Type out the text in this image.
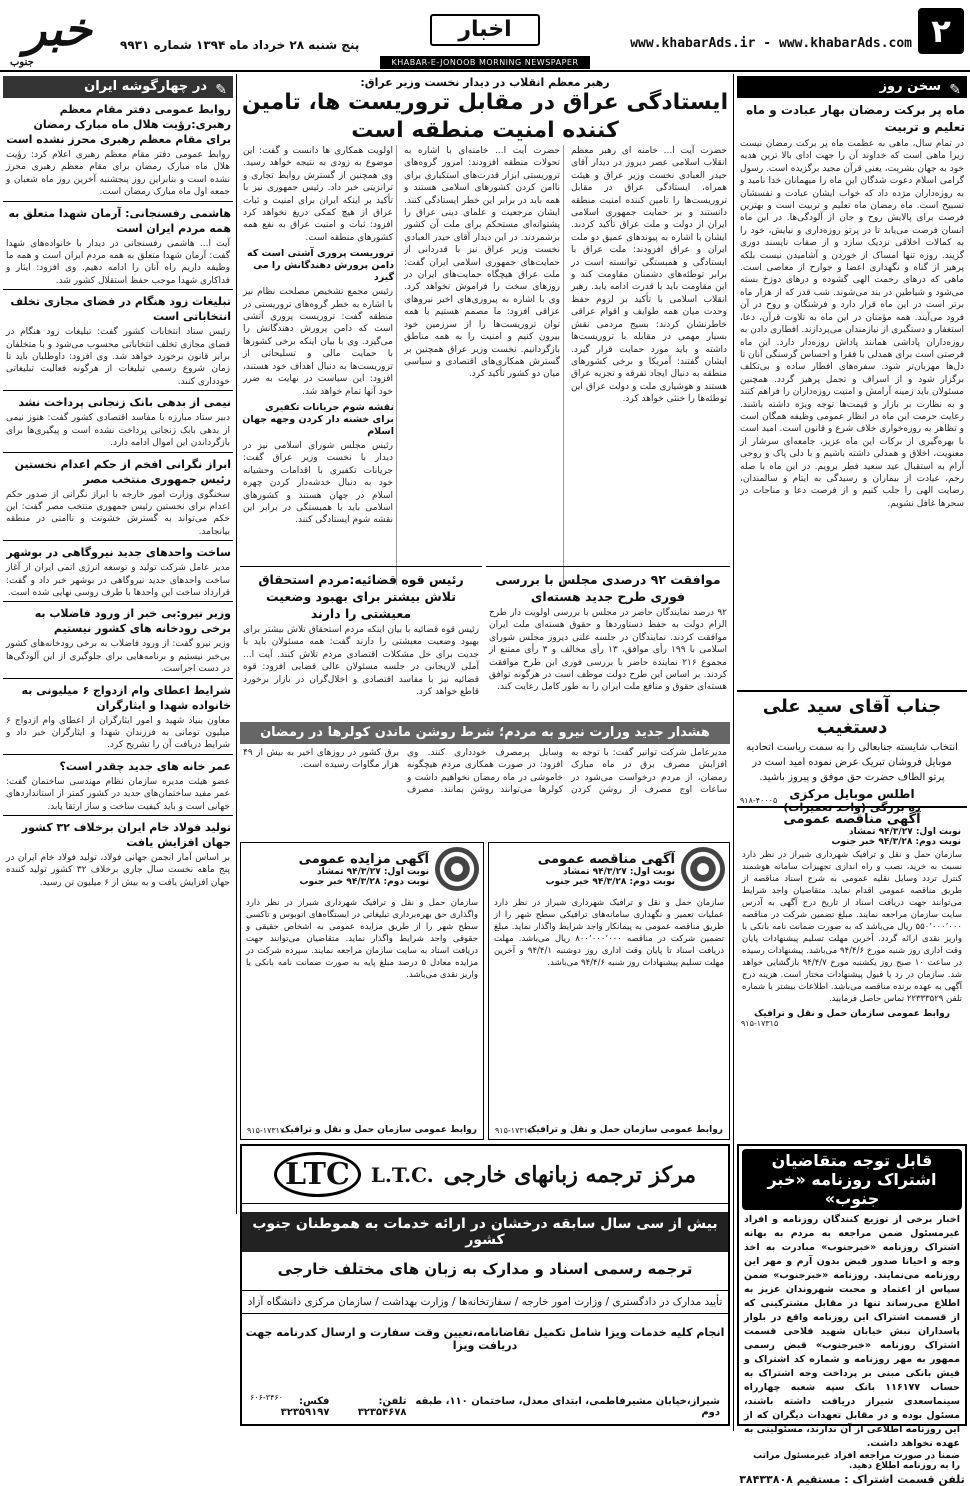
۲
www.khabarAds.ir - www.khabarAds.com
اخبار
خبر
جنوب
پنج شنبه ۲۸ خرداد ماه ۱۳۹۴ شماره ۹۹۳۱
KHABAR-E-JONOOB MORNING NEWSPAPER
✎
سخن روز
ماه پر برکت رمضان بهار عبادت و ماه تعلیم و تربیت
در تمام سال، ماهی به عظمت ماه پر برکت رمضان نیست زیرا ماهی است که خداوند آن را جهت ادای بالا ترین هدیه خود به جهان بشریت، یعنی قرآن مجید برگزیده است. رسول گرامی اسلام دعوت شدگان این ماه را میهمانان خدا نامید و به روزه‌داران مژده داد که خواب ایشان عبادت و نفسشان تسبیح است. ماه رمضان ماه تعلیم و تربیت است و بهترین فرصت برای پالایش روح و جان از آلودگی‌ها. در این ماه انسان فرصت می‌یابد تا در پرتو روزه‌داری و نیایش، خود را به کمالات اخلاقی نزدیک سازد و از صفات ناپسند دوری گزیند. روزه تنها امساک از خوردن و آشامیدن نیست بلکه پرهیز از گناه و نگهداری اعضا و جوارح از معاصی است. ماهی که درهای رحمت الهی گشوده و درهای دوزخ بسته می‌شود و شیاطین در بند می‌شوند. شب قدر که از هزار ماه برتر است در این ماه قرار دارد و فرشتگان و روح در آن فرود می‌آیند. همه مؤمنان در این ماه به تلاوت قرآن، دعا، استغفار و دستگیری از نیازمندان می‌پردازند. افطاری دادن به روزه‌داران پاداشی همانند پاداش روزه‌دار دارد. این ماه فرصتی است برای همدلی با فقرا و احساس گرسنگی آنان تا دل‌ها مهربان‌تر شود. سفره‌های افطار ساده و بی‌تکلف برگزار شود و از اسراف و تجمل پرهیز گردد. همچنین مسئولان باید زمینه آرامش و امنیت روزه‌داران را فراهم کنند و به نظارت بر بازار و قیمت‌ها توجه ویژه داشته باشند. رعایت حرمت این ماه در انظار عمومی وظیفه همگان است و تظاهر به روزه‌خواری خلاف شرع و قانون است. امید است با بهره‌گیری از برکات این ماه عزیز، جامعه‌ای سرشار از معنویت، اخلاق و همدلی داشته باشیم و با دلی پاک و روحی آرام به استقبال عید سعید فطر برویم. در این ماه با صله رحم، عیادت از بیماران و رسیدگی به ایتام و سالمندان، رضایت الهی را جلب کنیم و از فرصت دعا و مناجات در سحرها غافل نشویم.
جناب آقای سید علی دستغیب
انتخاب شایسته جنابعالی را به سمت ریاست اتحادیه موبایل فروشان تبریک عرض نموده امید است در پرتو الطاف حضرت حق موفق و پیروز باشید.
اطلس موبایل مرکزی
ده بزرگی (واحد تعمیرات)
۹۱۸-۴۰۰۰۵
آگهی مناقصه عمومی
نوبت اول: ۹۴/۳/۲۷ تمشاد
نوبت دوم: ۹۴/۳/۲۸ خبر جنوب
سازمان حمل و نقل و ترافیک شهرداری شیراز در نظر دارد نسبت به خرید، نصب و راه اندازی تجهیزات سامانه هوشمند کنترل تردد وسایل نقلیه عمومی به شرح اسناد مناقصه از طریق مناقصه عمومی اقدام نماید. متقاضیان واجد شرایط می‌توانند جهت دریافت اسناد از تاریخ درج آگهی به آدرس سایت سازمان مراجعه نمایند. مبلغ تضمین شرکت در مناقصه ۵۵۰٬۰۰۰٬۰۰۰ ریال می‌باشد که به صورت ضمانت نامه بانکی یا واریز نقدی ارائه گردد. آخرین مهلت تسلیم پیشنهادات پایان وقت اداری روز شنبه مورخ ۹۴/۴/۶ می‌باشد. پیشنهادات رسیده در ساعت ۱۰ صبح روز یکشنبه مورخ ۹۴/۴/۷ بازگشایی خواهد شد. سازمان در رد یا قبول پیشنهادات مختار است. هزینه درج آگهی به عهده برنده مناقصه می‌باشد. اطلاعات بیشتر با شماره تلفن ۲۲۳۳۳۵۲۹ تماس حاصل فرمایید.
روابط عمومی سازمان حمل و نقل و ترافیک
۹۱۵-۱۷۳۱۵
قابل توجه متقاضیان
اشتراک روزنامه «خبر جنوب»
اخبار برخی از توزیع کنندگان روزنامه و افراد غیرمسئول ضمن مراجعه به مردم به بهانه اشتراک روزنامه «خبرجنوب» مبادرت به اخذ وجه و احیانا صدور قبض بدون آرم و مهر این روزنامه می‌نمایند. روزنامه «خبرجنوب» ضمن سپاس از اعتماد و محبت شهروندان عزیز به اطلاع می‌رساند تنها در مقابل مشترکینی که از قسمت اشتراک این روزنامه واقع در بلوار پاسداران نبش خیابان شهید فلاحی قسمت اشتراک روزنامه «خبرجنوب» قبض رسمی ممهور به مهر روزنامه و شماره کد اشتراک و فیش بانکی مبنی بر پرداخت وجه اشتراک به حساب ۱۱۶۱۷۷ بانک سپه شعبه چهارراه سینماسعدی شیراز دریافت داشته باشند، مسئول بوده و در مقابل تعهدات دیگران که از این روزنامه اطلاعی از آن ندارند، مسئولیتی به عهده نخواهد داشت.
ضمنا در صورت مراجعه افراد غیرمسئول مراتب را به روزنامه اطلاع دهید.
تلفن قسمت اشتراک : مستقیم ۳۸۴۳۳۸۰۸
رهبر معظم انقلاب در دیدار نخست وزیر عراق:
ایستادگی عراق در مقابل تروریست ها، تامین کننده امنیت منطقه است
حضرت آیت ا... خامنه ای رهبر معظم انقلاب اسلامی عصر دیروز در دیدار آقای حیدر العبادی نخست وزیر عراق و هیئت همراه، ایستادگی عراق در مقابل تروریست‌ها را تامین کننده امنیت منطقه دانستند و بر حمایت جمهوری اسلامی ایران از دولت و ملت عراق تأکید کردند. ایشان با اشاره به پیوندهای عمیق دو ملت ایران و عراق افزودند: ملت عراق با ایستادگی و همبستگی توانسته است در برابر توطئه‌های دشمنان مقاومت کند و این مقاومت باید با قدرت ادامه یابد. رهبر انقلاب اسلامی با تأکید بر لزوم حفظ وحدت میان همه طوایف و اقوام عراقی خاطرنشان کردند: بسیج مردمی نقش بسیار مهمی در مقابله با تروریست‌ها داشته و باید مورد حمایت قرار گیرد. ایشان گفتند: آمریکا و برخی کشورهای منطقه به دنبال ایجاد تفرقه و تجزیه عراق هستند و هوشیاری ملت و دولت عراق این توطئه‌ها را خنثی خواهد کرد.
حضرت آیت ا... خامنه‌ای با اشاره به تحولات منطقه افزودند: امروز گروه‌های تروریستی ابزار قدرت‌های استکباری برای ناامن کردن کشورهای اسلامی هستند و همه باید در برابر این خطر ایستادگی کنند. ایشان مرجعیت و علمای دینی عراق را پشتوانه‌ای مستحکم برای ملت آن کشور برشمردند. در این دیدار آقای حیدر العبادی نخست وزیر عراق نیز با قدردانی از حمایت‌های جمهوری اسلامی ایران گفت: ملت عراق هیچگاه حمایت‌های ایران در روزهای سخت را فراموش نخواهد کرد. وی با اشاره به پیروزی‌های اخیر نیروهای عراقی افزود: ما مصمم هستیم با همه توان تروریست‌ها را از سرزمین خود بیرون کنیم و امنیت را به همه مناطق بازگردانیم. نخست وزیر عراق همچنین بر گسترش همکاری‌های اقتصادی و سیاسی میان دو کشور تأکید کرد.
اولویت همکاری ها دانست و گفت: این موضوع به زودی به نتیجه خواهد رسید. وی همچنین از گسترش روابط تجاری و ترانزیتی خبر داد. رئیس جمهوری نیز با تأکید بر اینکه ایران برای امنیت و ثبات عراق از هیچ کمکی دریغ نخواهد کرد افزود: ثبات و امنیت عراق به نفع همه کشورهای منطقه است.
تروریست پروری آشتی است که دامن پرورش دهندگانش را می گیرد
رئیس مجمع تشخیص مصلحت نظام نیز با اشاره به خطر گروه‌های تروریستی در منطقه گفت: تروریست پروری آتشی است که دامن پرورش دهندگانش را می‌گیرد. وی با بیان اینکه برخی کشورها با حمایت مالی و تسلیحاتی از تروریست‌ها به دنبال اهداف خود هستند، افزود: این سیاست در نهایت به ضرر خود آنها تمام خواهد شد.
نقشه شوم جریانات تکفیری برای خشنه دار کردن وجهه جهان اسلام
رئیس مجلس شورای اسلامی نیز در دیدار با نخست وزیر عراق گفت: جریانات تکفیری با اقدامات وحشیانه خود به دنبال خدشه‌دار کردن چهره اسلام در جهان هستند و کشورهای اسلامی باید با همبستگی در برابر این نقشه شوم ایستادگی کنند.
موافقت ۹۲ درصدی مجلس با بررسی فوری طرح جدید هسته‌ای
۹۲ درصد نمایندگان حاضر در مجلس با بررسی اولویت دار طرح الزام دولت به حفظ دستاوردها و حقوق هسته‌ای ملت ایران موافقت کردند. نمایندگان در جلسه علنی دیروز مجلس شورای اسلامی با ۱۹۹ رأی موافق، ۱۳ رأی مخالف و ۳ رأی ممتنع از مجموع ۲۱۶ نماینده حاضر با بررسی فوری این طرح موافقت کردند. بر اساس این طرح دولت موظف است در هرگونه توافق هسته‌ای حقوق و منافع ملت ایران را به طور کامل رعایت کند.
رئیس قوه قضائیه:مردم استحقاق تلاش بیشتر برای بهبود وضعیت معیشتی را دارند
رئیس قوه قضائیه با بیان اینکه مردم استحقاق تلاش بیشتر برای بهبود وضعیت معیشتی را دارند گفت: همه مسئولان باید با جدیت برای حل مشکلات اقتصادی مردم تلاش کنند. آیت ا... آملی لاریجانی در جلسه مسئولان عالی قضایی افزود: قوه قضائیه نیز با مفاسد اقتصادی و اخلال‌گران در بازار برخورد قاطع خواهد کرد.
هشدار جدید وزارت نیرو به مردم؛ شرط روشن ماندن کولرها در رمضان
مدیرعامل شرکت توانیر گفت: با توجه به افزایش مصرف برق در ماه مبارک رمضان، از مردم درخواست می‌شود در ساعات اوج مصرف از روشن کردن وسایل پرمصرف خودداری کنند. وی افزود: در صورت همکاری مردم هیچگونه خاموشی در ماه رمضان نخواهیم داشت و کولرها می‌توانند روشن بمانند. مصرف برق کشور در روزهای اخیر به بیش از ۴۹ هزار مگاوات رسیده است.
آگهی مناقصه عمومی
نوبت اول: ۹۴/۳/۲۷ تمشاد
نوبت دوم: ۹۴/۳/۲۸ خبر جنوب
سازمان حمل و نقل و ترافیک شهرداری شیراز در نظر دارد عملیات تعمیر و نگهداری سامانه‌های ترافیکی سطح شهر را از طریق مناقصه عمومی به پیمانکار واجد شرایط واگذار نماید. مبلغ تضمین شرکت در مناقصه ۸۰۰٬۰۰۰٬۰۰۰ ریال می‌باشد. مهلت دریافت اسناد تا پایان وقت اداری روز دوشنبه ۹۴/۴/۱ و آخرین مهلت تسلیم پیشنهادات روز شنبه ۹۴/۴/۶ می‌باشد.
روابط عمومی سازمان حمل و نقل و ترافیک
۹۱۵-۱۷۳۱۶
آگهی مزایده عمومی
نوبت اول: ۹۴/۳/۲۷ تمشاد
نوبت دوم: ۹۴/۳/۲۸ خبر جنوب
سازمان حمل و نقل و ترافیک شهرداری شیراز در نظر دارد واگذاری حق بهره‌برداری تبلیغاتی در ایستگاه‌های اتوبوس و تاکسی سطح شهر را از طریق مزایده عمومی به اشخاص حقیقی و حقوقی واجد شرایط واگذار نماید. متقاضیان می‌توانند جهت دریافت اسناد به سایت سازمان مراجعه نمایند. سپرده شرکت در مزایده معادل ۵ درصد مبلغ پایه به صورت ضمانت نامه بانکی یا واریز نقدی می‌باشد.
روابط عمومی سازمان حمل و نقل و ترافیک
۹۱۵-۱۷۳۱۷
✎
در چهارگوشه ایران
روابط عمومی دفتر مقام معظم رهبری:رؤیت هلال ماه مبارک رمضان برای مقام معظم رهبری محرز نشده است
روابط عمومی دفتر مقام معظم رهبری اعلام کرد: رؤیت هلال ماه مبارک رمضان برای مقام معظم رهبری محرز نشده است و بنابراین روز پنجشنبه آخرین روز ماه شعبان و جمعه اول ماه مبارک رمضان است.
هاشمی رفسنجانی: آرمان شهدا متعلق به همه مردم ایران است
آیت ا... هاشمی رفسنجانی در دیدار با خانواده‌های شهدا گفت: آرمان شهدا متعلق به همه مردم ایران است و همه ما وظیفه داریم راه آنان را ادامه دهیم. وی افزود: ایثار و فداکاری شهدا موجب حفظ استقلال کشور شد.
تبلیغات زود هنگام در فضای مجازی تخلف انتخاباتی است
رئیس ستاد انتخابات کشور گفت: تبلیغات زود هنگام در فضای مجازی تخلف انتخاباتی محسوب می‌شود و با متخلفان برابر قانون برخورد خواهد شد. وی افزود: داوطلبان باید تا زمان شروع رسمی تبلیغات از هرگونه فعالیت تبلیغاتی خودداری کنند.
نیمی از بدهی بانک زنجانی پرداخت نشد
دبیر ستاد مبارزه با مفاسد اقتصادی کشور گفت: هنوز نیمی از بدهی بابک زنجانی پرداخت نشده است و پیگیری‌ها برای بازگرداندن این اموال ادامه دارد.
ابراز نگرانی افخم از حکم اعدام نخستین رئیس جمهوری منتخب مصر
سخنگوی وزارت امور خارجه با ابراز نگرانی از صدور حکم اعدام برای نخستین رئیس جمهوری منتخب مصر گفت: این حکم می‌تواند به گسترش خشونت و ناامنی در منطقه بیانجامد.
ساخت واحدهای جدید نیروگاهی در بوشهر
مدیر عامل شرکت تولید و توسعه انرژی اتمی ایران از آغاز ساخت واحدهای جدید نیروگاهی در بوشهر خبر داد و گفت: قرارداد ساخت این واحدها با طرف روسی نهایی شده است.
وزیر نیرو:بی خبر از ورود فاضلاب به برخی رودخانه های کشور نیستیم
وزیر نیرو گفت: از ورود فاضلاب به برخی رودخانه‌های کشور بی‌خبر نیستیم و برنامه‌هایی برای جلوگیری از این آلودگی‌ها در دست اجراست.
شرایط اعطای وام ازدواج ۶ میلیونی به خانواده شهدا و ایثارگران
معاون بنیاد شهید و امور ایثارگران از اعطای وام ازدواج ۶ میلیون تومانی به فرزندان شهدا و ایثارگران خبر داد و شرایط دریافت آن را تشریح کرد.
عمر خانه های جدید چقدر است؟
عضو هیئت مدیره سازمان نظام مهندسی ساختمان گفت: عمر مفید ساختمان‌های جدید در کشور کمتر از استانداردهای جهانی است و باید کیفیت ساخت و ساز ارتقا یابد.
تولید فولاد خام ایران برخلاف ۳۲ کشور جهان افزایش یافت
بر اساس آمار انجمن جهانی فولاد، تولید فولاد خام ایران در پنج ماهه نخست سال جاری برخلاف ۳۲ کشور تولید کننده جهان افزایش یافت و به بیش از ۶ میلیون تن رسید.
مرکز ترجمه زبانهای خارجی
L.T.C.
LTC
بیش از سی سال سابقه درخشان در ارائه خدمات به هموطنان جنوب کشور
ترجمه رسمی اسناد و مدارک به زبان های مختلف خارجی
تأیید مدارک در دادگستری / وزارت امور خارجه / سفارتخانه‌ها / وزارت بهداشت / سازمان مرکزی دانشگاه آزاد
انجام کلیه خدمات ویزا شامل تکمیل تقاضانامه،تعیین وقت سفارت و ارسال کدرنامه جهت دریافت ویزا
شیراز،خیابان مشیرفاطمی، ابتدای معدل، ساختمان ۱۱۰، طبقه دوم
تلفن: ۳۲۳۵۴۶۷۸
فکس: ۳۲۳۵۹۱۹۷
۶۰۶-۳۴۶۰
